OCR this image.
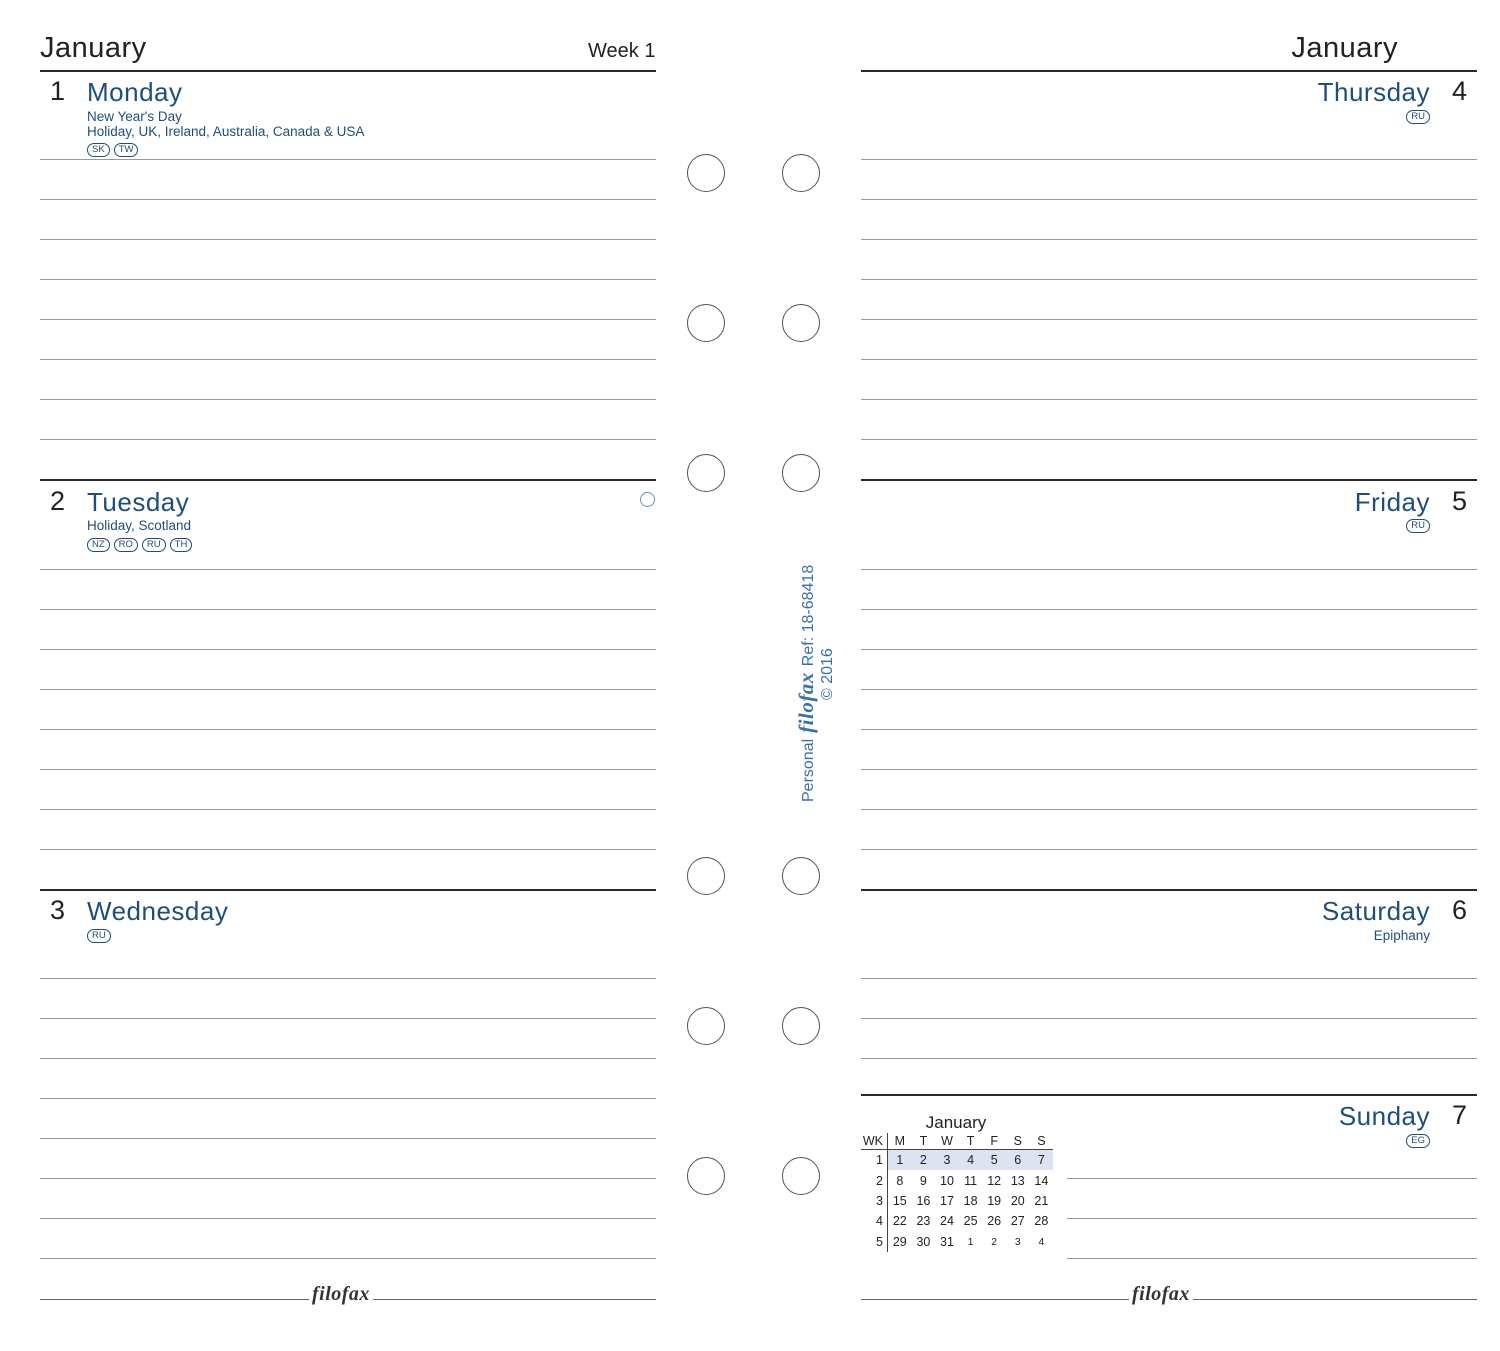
January	Week 1
1 Monday
New Year's Day
Holiday, UK, Ireland, Australia, Canada & USA
SK	TW
2 Tuesday
Holiday, Scotland
NZ	RO	RU	TH
3 Wednesday
RU
filofax
PersonalfilofaxRef: 18-68418
© 2016
January
Thursday 4
RU
Friday 5
RU
Saturday 6
Epiphany
Sunday 7
EG
January
WK	M	T	W	T	F	S	S
1	1	2	3	4	5	6	7
2	8	9	10	11	12	13	14
3	15	16	17	18	19	20	21
4	22	23	24	25	26	27	28
5	29	30	31	1	2	3	4
filofax
